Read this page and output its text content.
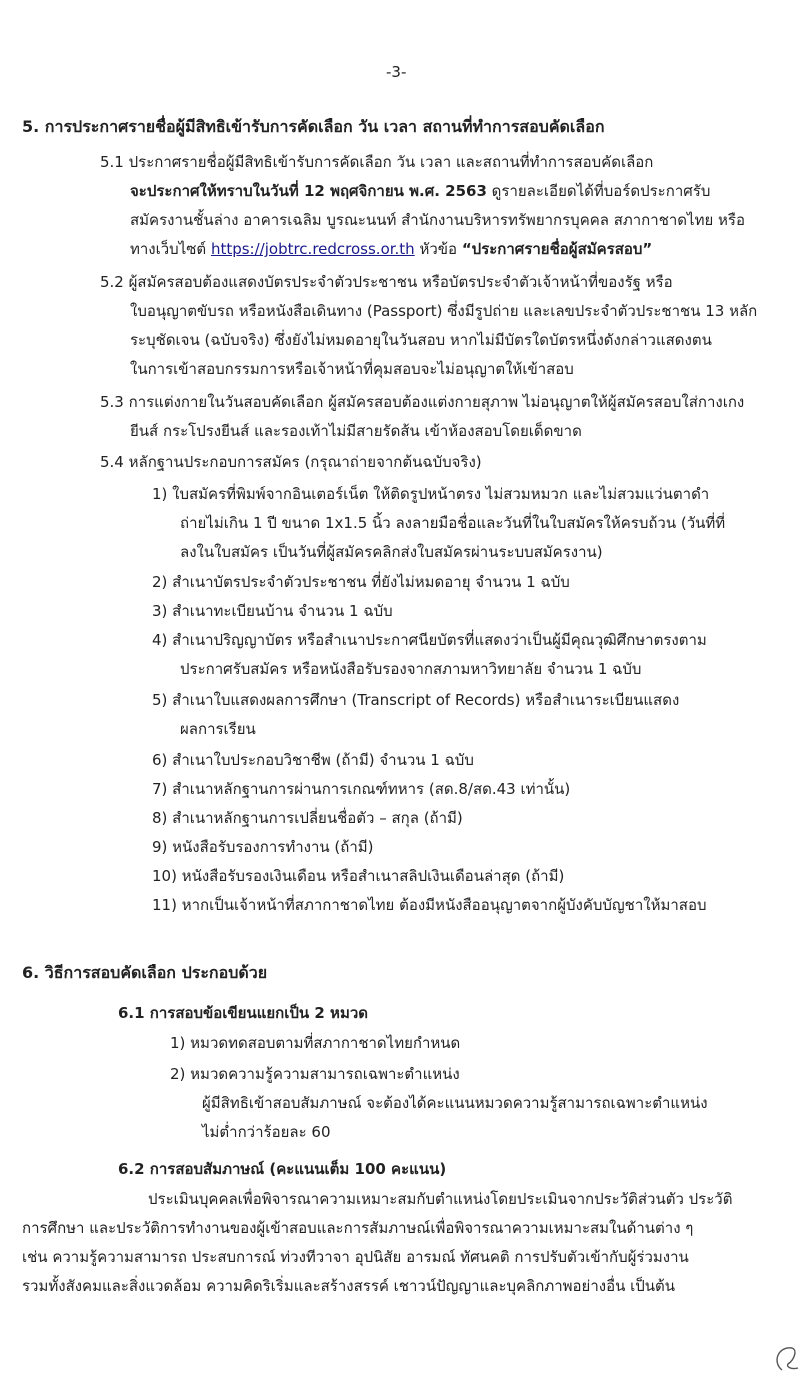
-3-
5. การประกาศรายชื่อผู้มีสิทธิเข้ารับการคัดเลือก วัน เวลา สถานที่ทำการสอบคัดเลือก
5.1 ประกาศรายชื่อผู้มีสิทธิเข้ารับการคัดเลือก วัน เวลา และสถานที่ทำการสอบคัดเลือก
จะประกาศให้ทราบในวันที่ 12 พฤศจิกายน พ.ศ. 2563 ดูรายละเอียดได้ที่บอร์ดประกาศรับ
สมัครงานชั้นล่าง อาคารเฉลิม บูรณะนนท์ สำนักงานบริหารทรัพยากรบุคคล สภากาชาดไทย หรือ
ทางเว็บไซต์ https://jobtrc.redcross.or.th หัวข้อ “ประกาศรายชื่อผู้สมัครสอบ”
5.2 ผู้สมัครสอบต้องแสดงบัตรประจำตัวประชาชน หรือบัตรประจำตัวเจ้าหน้าที่ของรัฐ หรือ
ใบอนุญาตขับรถ หรือหนังสือเดินทาง (Passport) ซึ่งมีรูปถ่าย และเลขประจำตัวประชาชน 13 หลัก
ระบุชัดเจน (ฉบับจริง) ซึ่งยังไม่หมดอายุในวันสอบ หากไม่มีบัตรใดบัตรหนึ่งดังกล่าวแสดงตน
ในการเข้าสอบกรรมการหรือเจ้าหน้าที่คุมสอบจะไม่อนุญาตให้เข้าสอบ
5.3 การแต่งกายในวันสอบคัดเลือก ผู้สมัครสอบต้องแต่งกายสุภาพ ไม่อนุญาตให้ผู้สมัครสอบใส่กางเกง
ยีนส์ กระโปรงยีนส์ และรองเท้าไม่มีสายรัดส้น เข้าห้องสอบโดยเด็ดขาด
5.4 หลักฐานประกอบการสมัคร (กรุณาถ่ายจากต้นฉบับจริง)
1) ใบสมัครที่พิมพ์จากอินเตอร์เน็ต ให้ติดรูปหน้าตรง ไม่สวมหมวก และไม่สวมแว่นตาดำ
ถ่ายไม่เกิน 1 ปี ขนาด 1x1.5 นิ้ว ลงลายมือชื่อและวันที่ในใบสมัครให้ครบถ้วน (วันที่ที่
ลงในใบสมัคร เป็นวันที่ผู้สมัครคลิกส่งใบสมัครผ่านระบบสมัครงาน)
2) สำเนาบัตรประจำตัวประชาชน ที่ยังไม่หมดอายุ จำนวน 1 ฉบับ
3) สำเนาทะเบียนบ้าน จำนวน 1 ฉบับ
4) สำเนาปริญญาบัตร หรือสำเนาประกาศนียบัตรที่แสดงว่าเป็นผู้มีคุณวุฒิศึกษาตรงตาม
ประกาศรับสมัคร หรือหนังสือรับรองจากสภามหาวิทยาลัย จำนวน 1 ฉบับ
5) สำเนาใบแสดงผลการศึกษา (Transcript of Records) หรือสำเนาระเบียนแสดง
ผลการเรียน
6) สำเนาใบประกอบวิชาชีพ (ถ้ามี) จำนวน 1 ฉบับ
7) สำเนาหลักฐานการผ่านการเกณฑ์ทหาร (สด.8/สด.43 เท่านั้น)
8) สำเนาหลักฐานการเปลี่ยนชื่อตัว – สกุล (ถ้ามี)
9) หนังสือรับรองการทำงาน (ถ้ามี)
10) หนังสือรับรองเงินเดือน หรือสำเนาสลิปเงินเดือนล่าสุด (ถ้ามี)
11) หากเป็นเจ้าหน้าที่สภากาชาดไทย ต้องมีหนังสืออนุญาตจากผู้บังคับบัญชาให้มาสอบ
6. วิธีการสอบคัดเลือก ประกอบด้วย
6.1 การสอบข้อเขียนแยกเป็น 2 หมวด
1) หมวดทดสอบตามที่สภากาชาดไทยกำหนด
2) หมวดความรู้ความสามารถเฉพาะตำแหน่ง
ผู้มีสิทธิเข้าสอบสัมภาษณ์ จะต้องได้คะแนนหมวดความรู้สามารถเฉพาะตำแหน่ง
ไม่ต่ำกว่าร้อยละ 60
6.2 การสอบสัมภาษณ์ (คะแนนเต็ม 100 คะแนน)
ประเมินบุคคลเพื่อพิจารณาความเหมาะสมกับตำแหน่งโดยประเมินจากประวัติส่วนตัว ประวัติ
การศึกษา และประวัติการทำงานของผู้เข้าสอบและการสัมภาษณ์เพื่อพิจารณาความเหมาะสมในด้านต่าง ๆ
เช่น ความรู้ความสามารถ ประสบการณ์ ท่วงทีวาจา อุปนิสัย อารมณ์ ทัศนคติ การปรับตัวเข้ากับผู้ร่วมงาน
รวมทั้งสังคมและสิ่งแวดล้อม ความคิดริเริ่มและสร้างสรรค์ เชาวน์ปัญญาและบุคลิกภาพอย่างอื่น เป็นต้น
